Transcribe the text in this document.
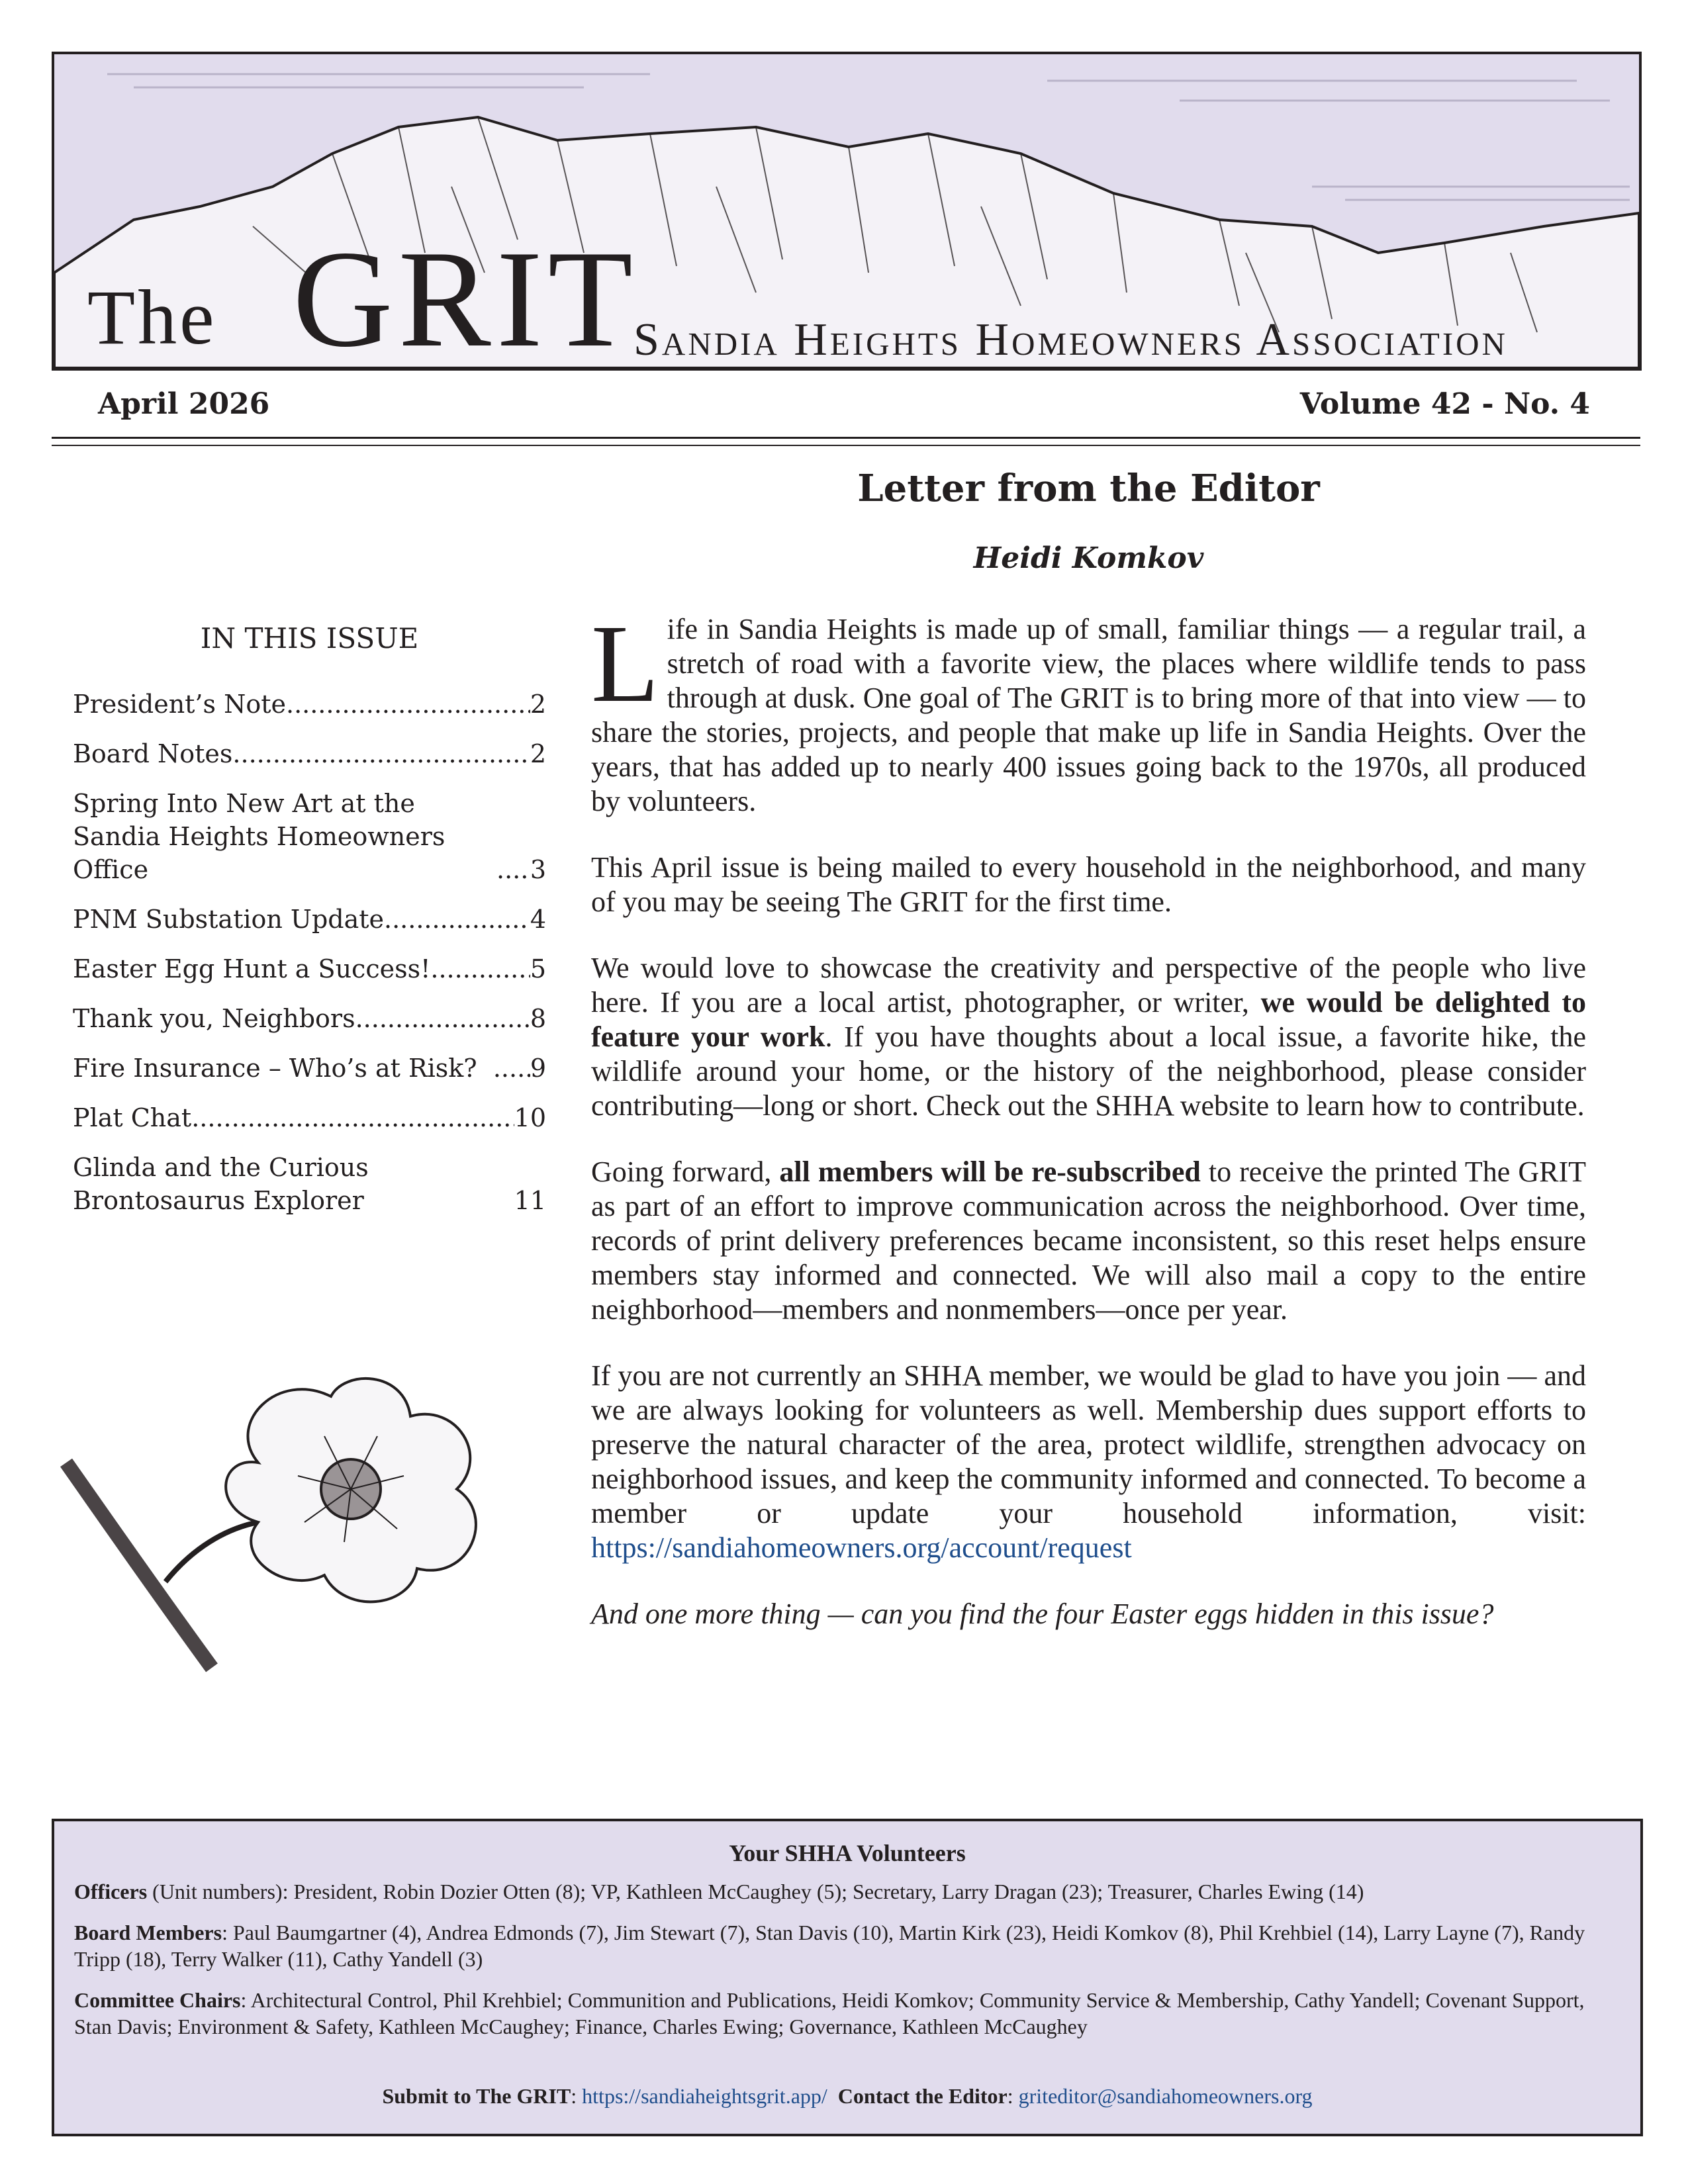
The GRIT
Sandia Heights Homeowners Association
April 2026	Volume 42 - No. 4
Letter from the Editor
Heidi Komkov
IN THIS ISSUE
President’s Note .....	2
Board Notes .....	2
Spring Into New Art at the Sandia Heights Homeowners Office .....	3
PNM Substation Update .....	4
Easter Egg Hunt a Success! .....	5
Thank you, Neighbors .....	8
Fire Insurance – Who’s at Risk? ..... 9
Plat Chat .....	10
Glinda and the Curious Brontosaurus Explorer	11

Life in Sandia Heights is made up of small, familiar things — a regular trail, a stretch of road with a favorite view, the places where wildlife tends to pass through at dusk. One goal of The GRIT is to bring more of that into view — to share the stories, projects, and people that make up life in Sandia Heights. Over the years, that has added up to nearly 400 issues going back to the 1970s, all produced by volunteers.

This April issue is being mailed to every household in the neighborhood, and many of you may be seeing The GRIT for the first time.

We would love to showcase the creativity and perspective of the people who live here. If you are a local artist, photographer, or writer, we would be delighted to feature your work. If you have thoughts about a local issue, a favorite hike, the wildlife around your home, or the history of the neighborhood, please consider contributing—long or short. Check out the SHHA website to learn how to contribute.

Going forward, all members will be re-subscribed to receive the printed The GRIT as part of an effort to improve communication across the neighborhood. Over time, records of print delivery preferences became inconsistent, so this reset helps ensure members stay informed and connected. We will also mail a copy to the entire neighborhood—members and nonmembers—once per year.

If you are not currently an SHHA member, we would be glad to have you join — and we are always looking for volunteers as well. Membership dues support efforts to preserve the natural character of the area, protect wildlife, strengthen advocacy on neighborhood issues, and keep the community informed and connected. To become a member or update your household information, visit: https://sandiahomeowners.org/account/request

And one more thing — can you find the four Easter eggs hidden in this issue?

Your SHHA Volunteers

Officers (Unit numbers): President, Robin Dozier Otten (8); VP, Kathleen McCaughey (5); Secretary, Larry Dragan (23); Treasurer, Charles Ewing (14)

Board Members: Paul Baumgartner (4), Andrea Edmonds (7), Jim Stewart (7), Stan Davis (10), Martin Kirk (23), Heidi Komkov (8), Phil Krehbiel (14), Larry Layne (7), Randy Tripp (18), Terry Walker (11), Cathy Yandell (3)

Committee Chairs: Architectural Control, Phil Krehbiel; Communition and Publications, Heidi Komkov; Community Service & Membership, Cathy Yandell; Covenant Support, Stan Davis; Environment & Safety, Kathleen McCaughey; Finance, Charles Ewing; Governance, Kathleen McCaughey

Submit to The GRIT: https://sandiaheightsgrit.app/ Contact the Editor: griteditor@sandiahomeowners.org
